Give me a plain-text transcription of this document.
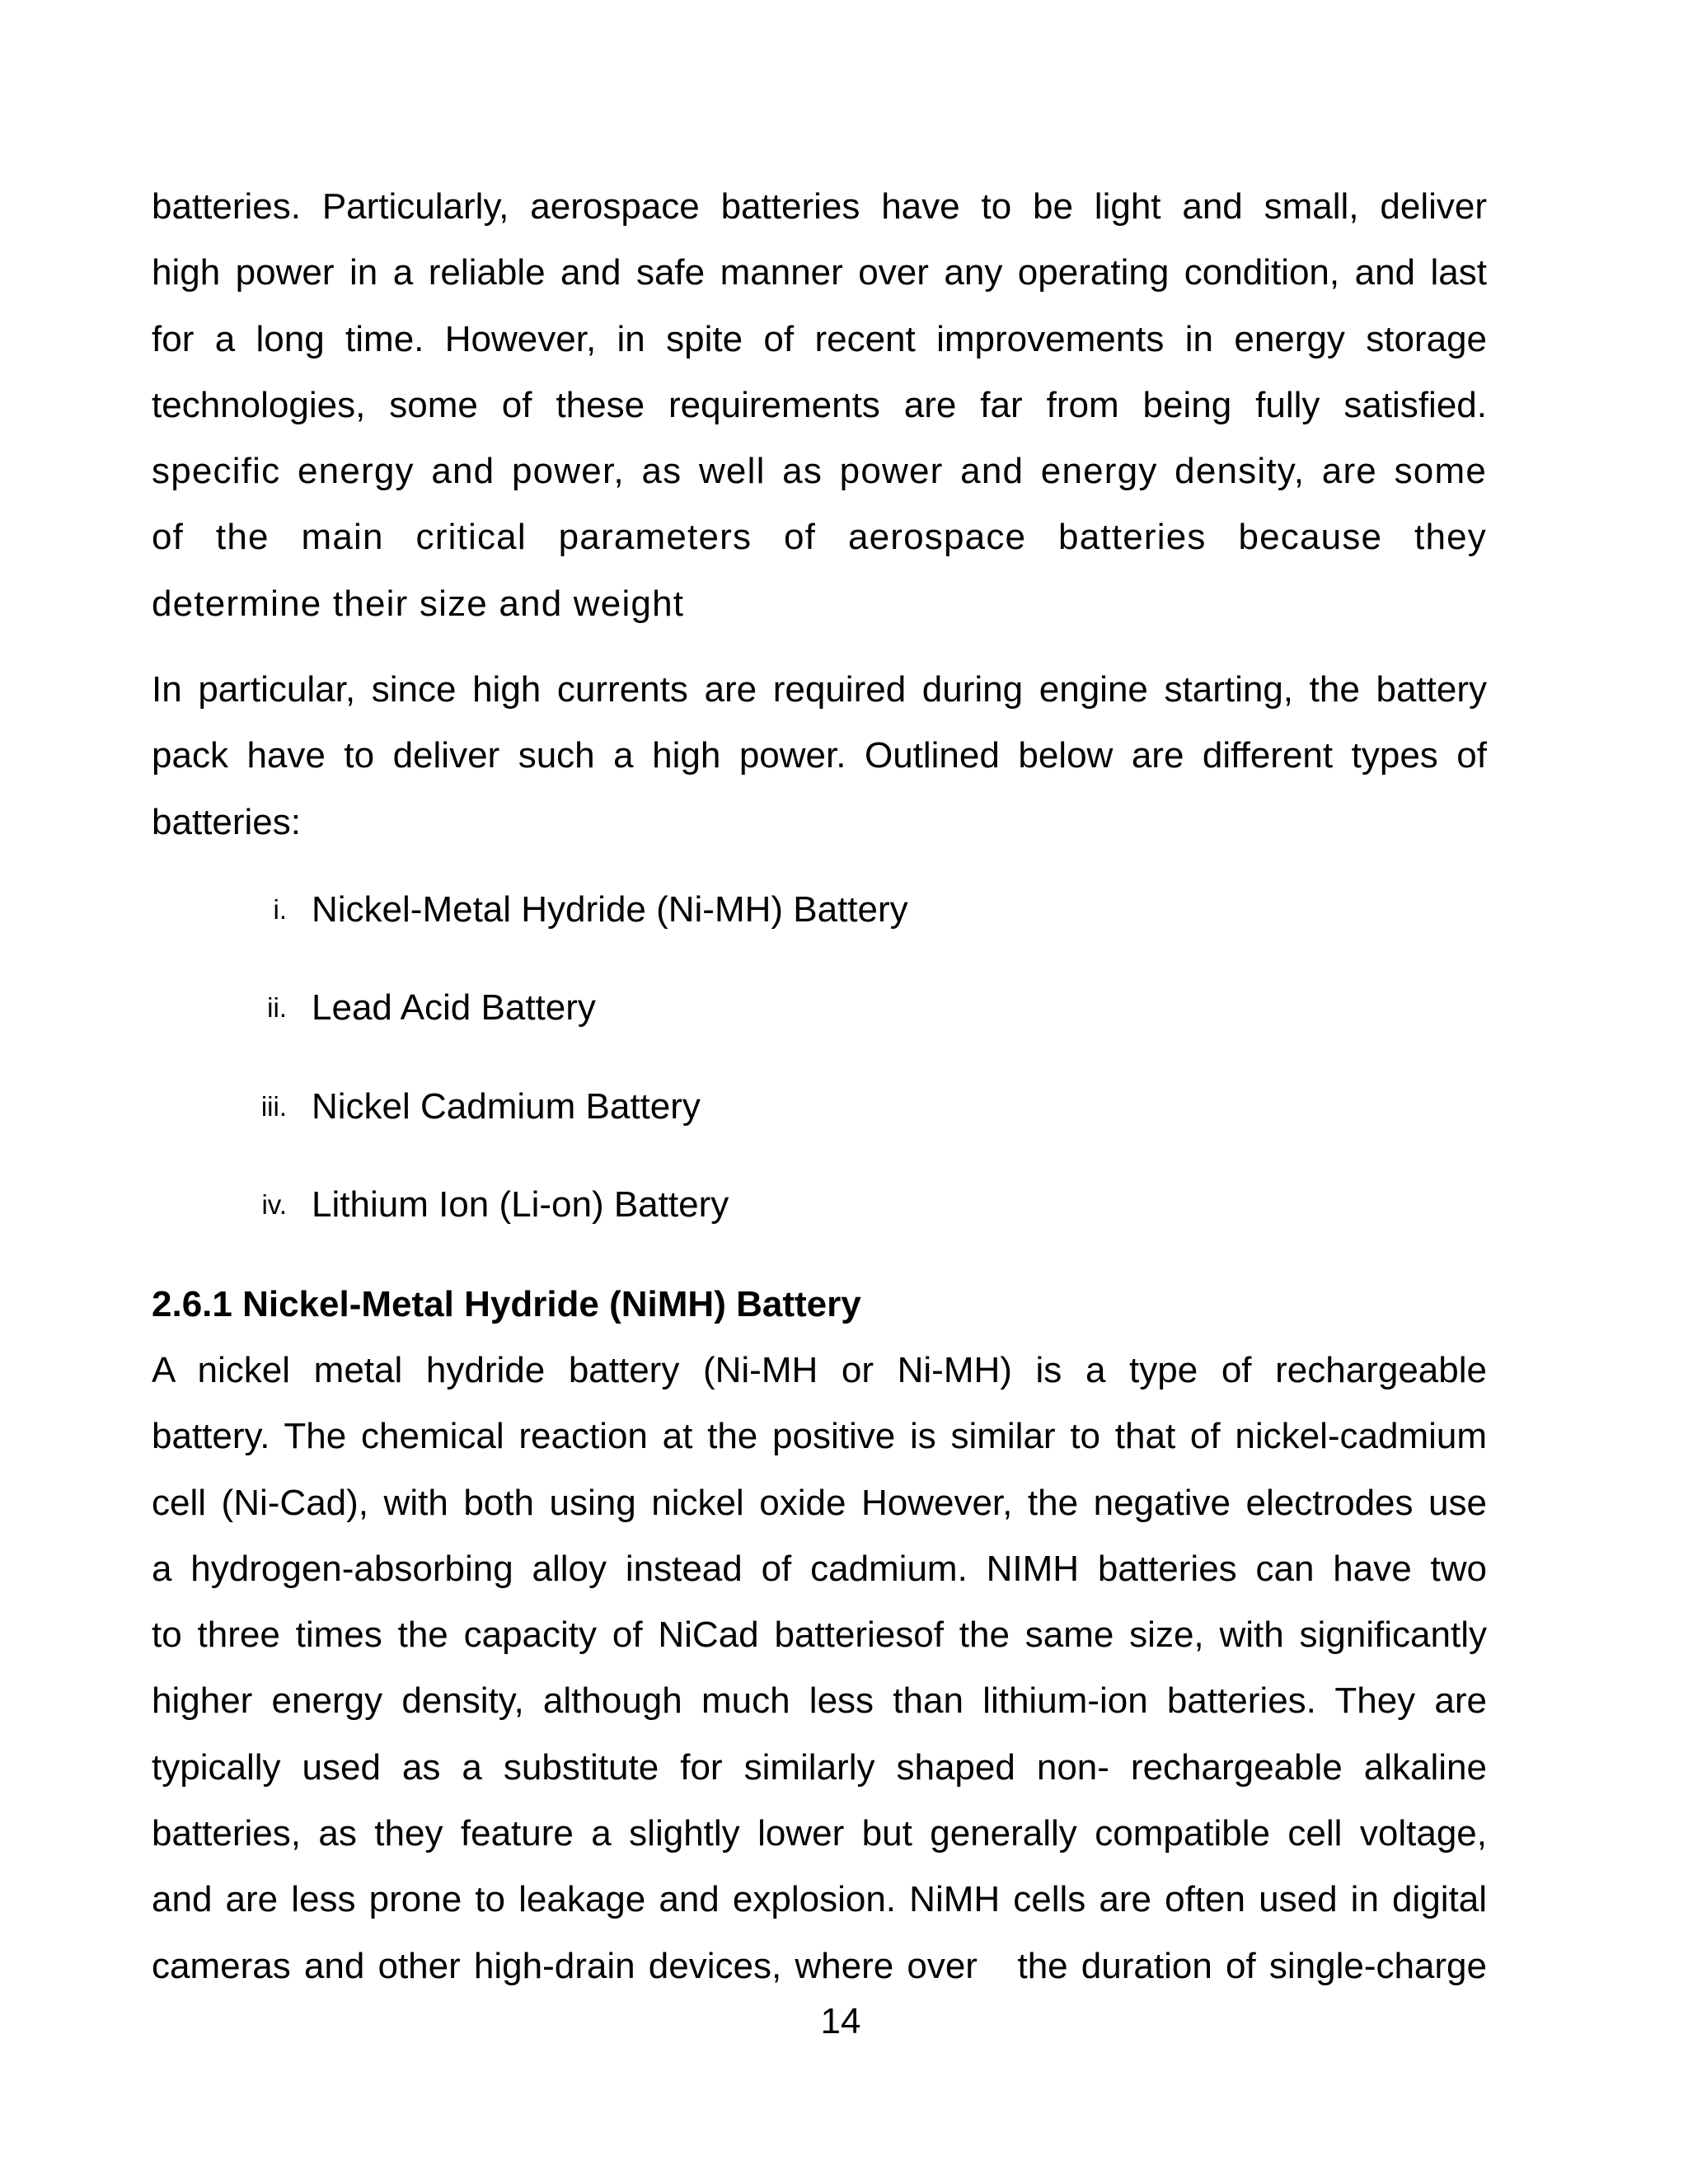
batteries. Particularly, aerospace batteries have to be light and small, deliver
high power in a reliable and safe manner over any operating condition, and last
for a long time. However, in spite of recent improvements in energy storage
technologies, some of these requirements are far from being fully satisfied.
specific energy and power, as well as power and energy density, are some
of the main critical parameters of aerospace batteries because they
determine their size and weight
In particular, since high currents are required during engine starting, the battery
pack have to deliver such a high power. Outlined below are different types of
batteries:
i. Nickel-Metal Hydride (Ni-MH) Battery
ii. Lead Acid Battery
iii. Nickel Cadmium Battery
iv. Lithium Ion (Li-on) Battery
2.6.1 Nickel-Metal Hydride (NiMH) Battery
A nickel metal hydride battery (Ni-MH or Ni-MH) is a type of rechargeable
battery. The chemical reaction at the positive is similar to that of nickel-cadmium
cell (Ni-Cad), with both using nickel oxide However, the negative electrodes use
a hydrogen-absorbing alloy instead of cadmium. NIMH batteries can have two
to three times the capacity of NiCad batteriesof the same size, with significantly
higher energy density, although much less than lithium-ion batteries. They are
typically used as a substitute for similarly shaped non- rechargeable alkaline
batteries, as they feature a slightly lower but generally compatible cell voltage,
and are less prone to leakage and explosion. NiMH cells are often used in digital
cameras and other high-drain devices, where over   the duration of single-charge
14
